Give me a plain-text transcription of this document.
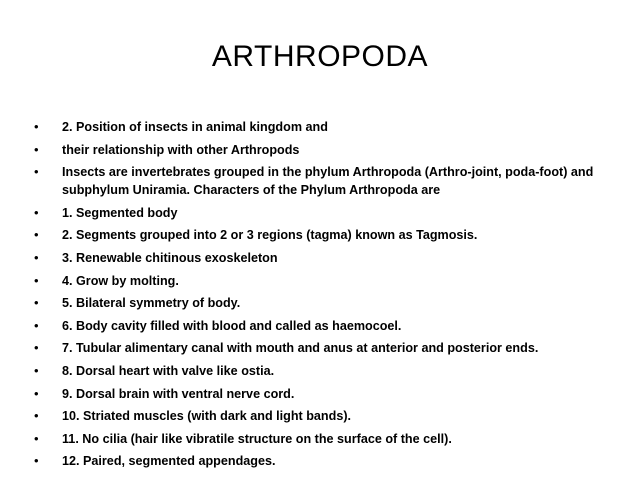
ARTHROPODA
• 2. Position of insects in animal kingdom and
• their relationship with other Arthropods
• Insects are invertebrates grouped in the phylum Arthropoda (Arthro-joint, poda-foot) and subphylum Uniramia. Characters of the Phylum Arthropoda are
• 1. Segmented body
• 2. Segments grouped into 2 or 3 regions (tagma) known as Tagmosis.
• 3. Renewable chitinous exoskeleton
• 4. Grow by molting.
• 5. Bilateral symmetry of body.
• 6. Body cavity filled with blood and called as haemocoel.
• 7. Tubular alimentary canal with mouth and anus at anterior and posterior ends.
• 8. Dorsal heart with valve like ostia.
• 9. Dorsal brain with ventral nerve cord.
• 10. Striated muscles (with dark and light bands).
• 11. No cilia (hair like vibratile structure on the surface of the cell).
• 12. Paired, segmented appendages.
